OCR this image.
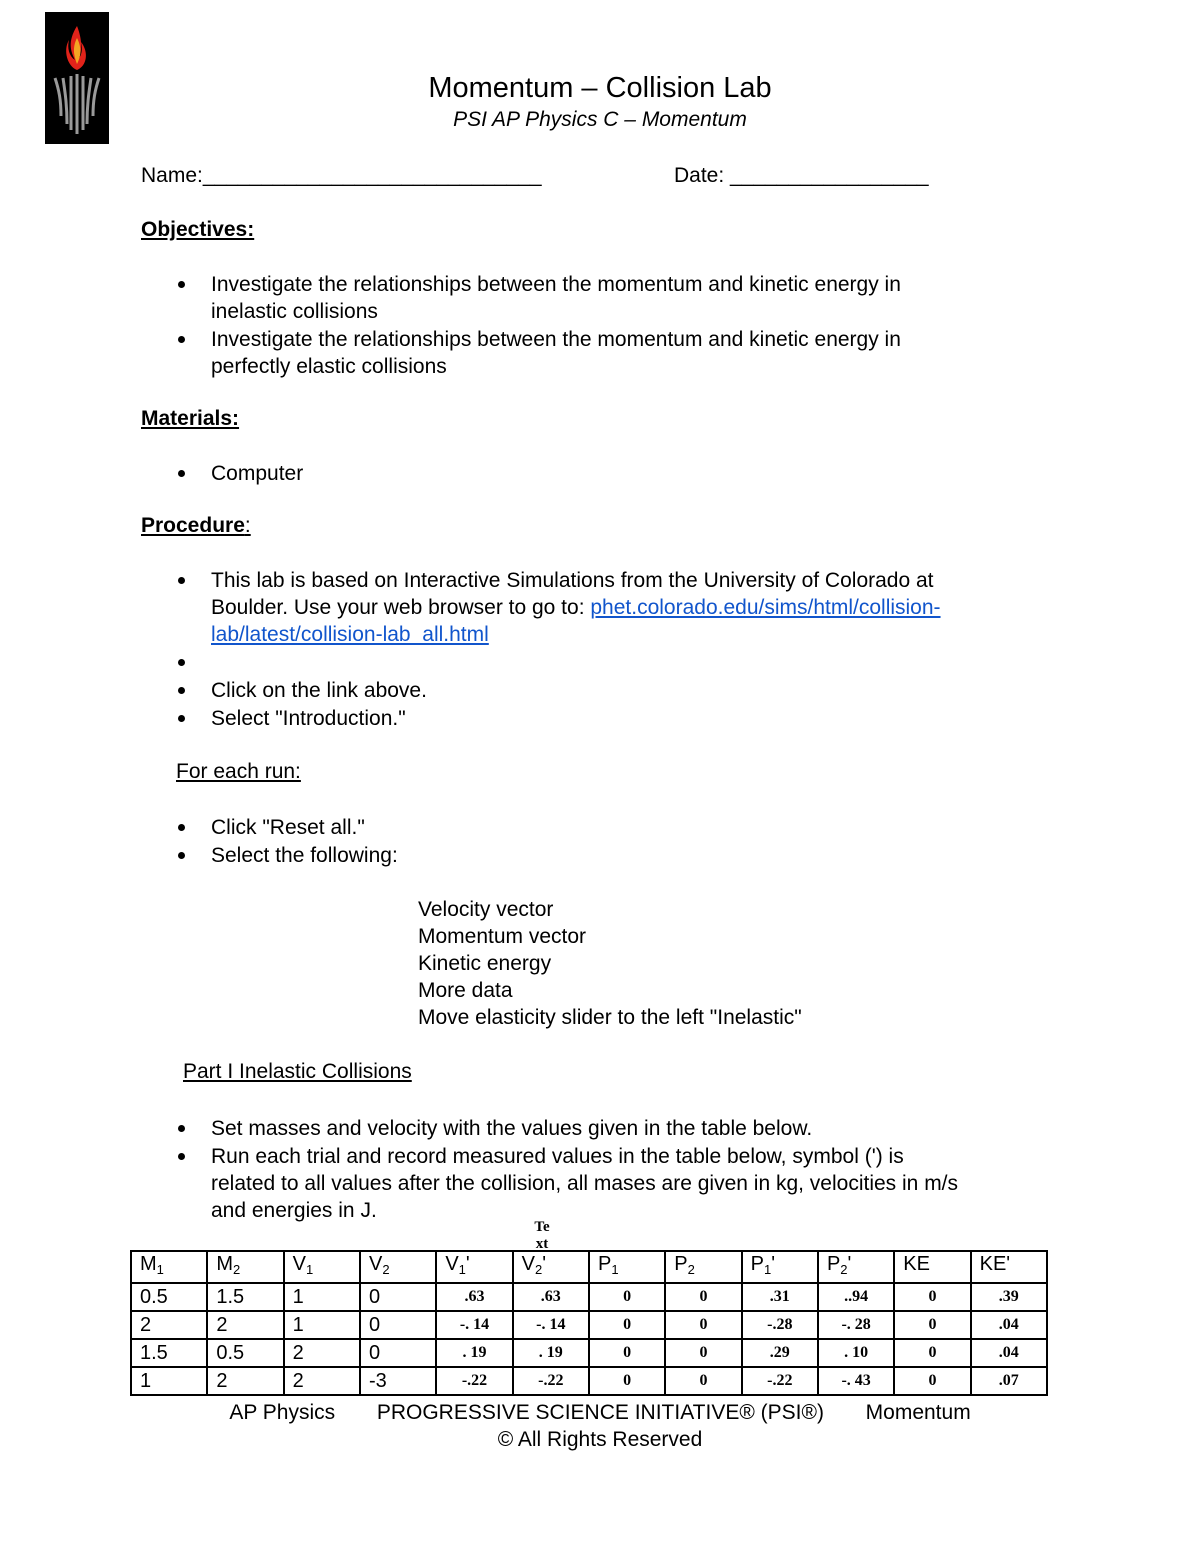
Momentum – Collision Lab
PSI AP Physics C – Momentum
Name:_____________________________	Date: _________________
Objectives:
Investigate the relationships between the momentum and kinetic energy in
inelastic collisions
Investigate the relationships between the momentum and kinetic energy in
perfectly elastic collisions
Materials:
Computer
Procedure:
This lab is based on Interactive Simulations from the University of Colorado at
Boulder. Use your web browser to go to: phet.colorado.edu/sims/html/collision-
lab/latest/collision-lab_all.html
Click on the link above.
Select "Introduction."
For each run:
Click "Reset all."
Select the following:
Velocity vector
Momentum vector
Kinetic energy
More data
Move elasticity slider to the left "Inelastic"
Part I Inelastic Collisions
Set masses and velocity with the values given in the table below.
Run each trial and record measured values in the table below, symbol (') is
related to all values after the collision, all mases are given in kg, velocities in m/s
and energies in J.
Te
xt
$M_1$	$M_2$	$V_1$	$V_2$	$V_1'$	$V_2'$	$P_1$	$P_2$	$P_1'$	$P_2'$	KE	KE'
0.5	1.5	1	0	.63	.63	0	0	.31	..94	0	.39
2	2	1	0	-. 14	-. 14	0	0	-.28	-. 28	0	.04
1.5	0.5	2	0	. 19	. 19	0	0	.29	. 10	0	.04
1	2	2	-3	-.22	-.22	0	0	-.22	-. 43	0	.07
AP Physics PROGRESSIVE SCIENCE INITIATIVE® (PSI®) Momentum
© All Rights Reserved
